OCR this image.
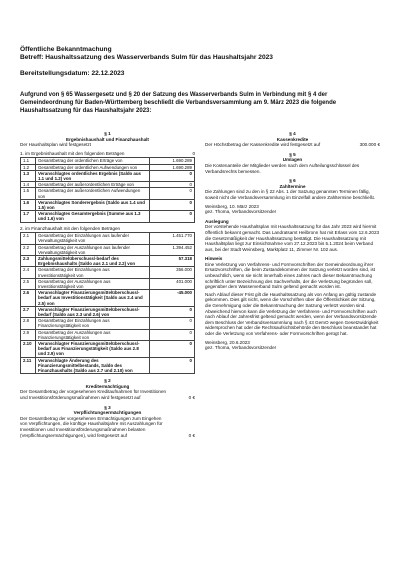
Öffentliche Bekanntmachung
Betreff: Haushaltssatzung des Wasserverbands Sulm für das Haushaltsjahr 2023
Bereitstellungsdatum: 22.12.2023
Aufgrund von § 65 Wassergesetz und § 20 der Satzung des Wasserverbands Sulm in Verbindung mit § 4 der Gemeindeordnung für Baden-Württemberg beschließt die Verbandsversammlung am 9. März 2023 die folgende Haushaltssatzung für das Haushaltsjahr 2023:
§ 1
Ergebnishaushalt und Finanzhaushalt
Der Haushaltsplan wird festgesetzt
1. im Ergebnishaushalt mit den folgenden Beträgen	0
1.1	Gesamtbetrag der ordentlichen Erträge von	1.690.289
1.2	Gesamtbetrag der ordentlichen Aufwendungen von	1.690.289
1.3	Veranschlagtes ordentliches Ergebnis (Saldo aus 1.1 und 1.2) von	0
1.4	Gesamtbetrag der außerordentlichen Erträge von	0
1.5	Gesamtbetrag der außerordentlichen Aufwendungen von	0
1.6	Veranschlagtes Sonderergebnis (Saldo aus 1.4 und 1.5) von	0
1.7	Veranschlagtes Gesamtergebnis (Summe aus 1.3 und 1.6) von	0
2. im Finanzhaushalt mit den folgenden Beträgen
2.1	Gesamtbetrag der Einzahlungen aus laufender Verwaltungstätigkeit von	1.451.770
2.2	Gesamtbetrag der Auszahlungen aus laufender Verwaltungstätigkeit von	1.394.452
2.3	Zahlungsmittelüberschuss/-bedarf des Ergebnishaushalts (Saldo aus 2.1 und 2.2) von	57.318
2.4	Gesamtbetrag der Einzahlungen aus Investitionstätigkeit von	356.000
2.5	Gesamtbetrag der Auszahlungen aus Investitionstätigkeit von	401.000
2.6	Veranschlagter Finanzierungsmittelüberschuss/-bedarf aus Investitionstätigkeit (Saldo aus 2.4 und 2.5) von	-45.000
2.7	Veranschlagter Finanzierungsmittelüberschuss/-bedarf (Saldo aus 2.3 und 2.6) von	0
2.8	Gesamtbetrag der Einzahlungen aus Finanzierungstätigkeit von	0
2.9	Gesamtbetrag der Auszahlungen aus Finanzierungstätigkeit von	0
2.10	Veranschlagter Finanzierungsmittelüberschuss/-bedarf aus Finanzierungstätigkeit (Saldo aus 2.8 und 2.9) von	0
2.11	Veranschlagte Änderung des Finanzierungsmittelbestands, Saldo des Finanzhaushalts (Saldo aus 2.7 und 2.10) von	0
§ 2
Kreditermächtigung
Der Gesamtbetrag der vorgesehenen Kreditaufnahmen für Investitionen und Investitionsförderungsmaßnahmen wird festgesetzt auf	0 €
§ 3
Verpflichtungsermächtigungen
Der Gesamtbetrag der vorgesehenen Ermächtigungen zum Eingehen von Verpflichtungen, die künftige Haushaltsjahre mit Auszahlungen für Investitionen und Investitionsförderungsmaßnahmen belasten (Verpflichtungsermächtigungen), wird festgesetzt auf	0 €
§ 4
Kassenkredite
Der Höchstbetrag der Kassenkredite wird festgesetzt auf	300.000 €
§ 5
Umlagen
Die Kostenanteile der Mitglieder werden nach dem Aufteilungsschlüssel des Verbandsrechts bemessen.
§ 6
Zahltermine
Die Zahlungen sind zu den in § 22 Abs. 1 der Satzung genannten Terminen fällig, soweit nicht die Verbandsversammlung im Einzelfall andere Zahltermine beschließt.
Weinsberg, 10. März 2023
gez. Thoma, Verbandsvorsitzender
Auslegung
Der vorstehende Haushaltsplan mit Haushaltssatzung für das Jahr 2023 wird hiermit öffentlich bekannt gemacht. Das Landratsamt Heilbronn hat mit Erlass vom 12.6.2023 die Gesetzmäßigkeit der Haushaltssatzung bestätigt. Die Haushaltssatzung mit Haushaltsplan liegt zur Einsichtnahme vom 27.12.2023 bis 5.1.2024 beim Verband aus, bei der Stadt Weinsberg, Marktplatz 11, Zimmer Nr. 102 aus.
Hinweis
Eine Verletzung von Verfahrens- und Formvorschriften der Gemeindeordnung ihrer Ersatzvorschriften, die beim Zustandekommen der Satzung verletzt worden sind, ist unbeachtlich, wenn sie nicht innerhalb eines Jahres nach dieser Bekanntmachung schriftlich unter Bezeichnung des Sachverhalts, der die Verletzung begründen soll, gegenüber dem Wasserverband Sulm geltend gemacht worden ist.
Nach Ablauf dieser Frist gilt die Haushaltssatzung als von Anfang an gültig zustande gekommen. Dies gilt nicht, wenn die Vorschriften über die Öffentlichkeit der Sitzung, die Genehmigung oder die Bekanntmachung der Satzung verletzt worden sind. Abweichend hiervon kann die Verletzung der Verfahrens- und Formvorschriften auch nach Ablauf der Jahresfrist geltend gemacht werden, wenn der Verbandsvorsitzende dem Beschluss der Verbandsversammlung nach § 43 GemO wegen Gesetzwidrigkeit widersprochen hat oder die Rechtsaufsichtsbehörde den Beschluss beanstandet hat oder die Verletzung von Verfahrens- oder Formvorschriften gerügt hat.
Weinsberg, 20.6.2023
gez. Thoma, Verbandsvorsitzender
